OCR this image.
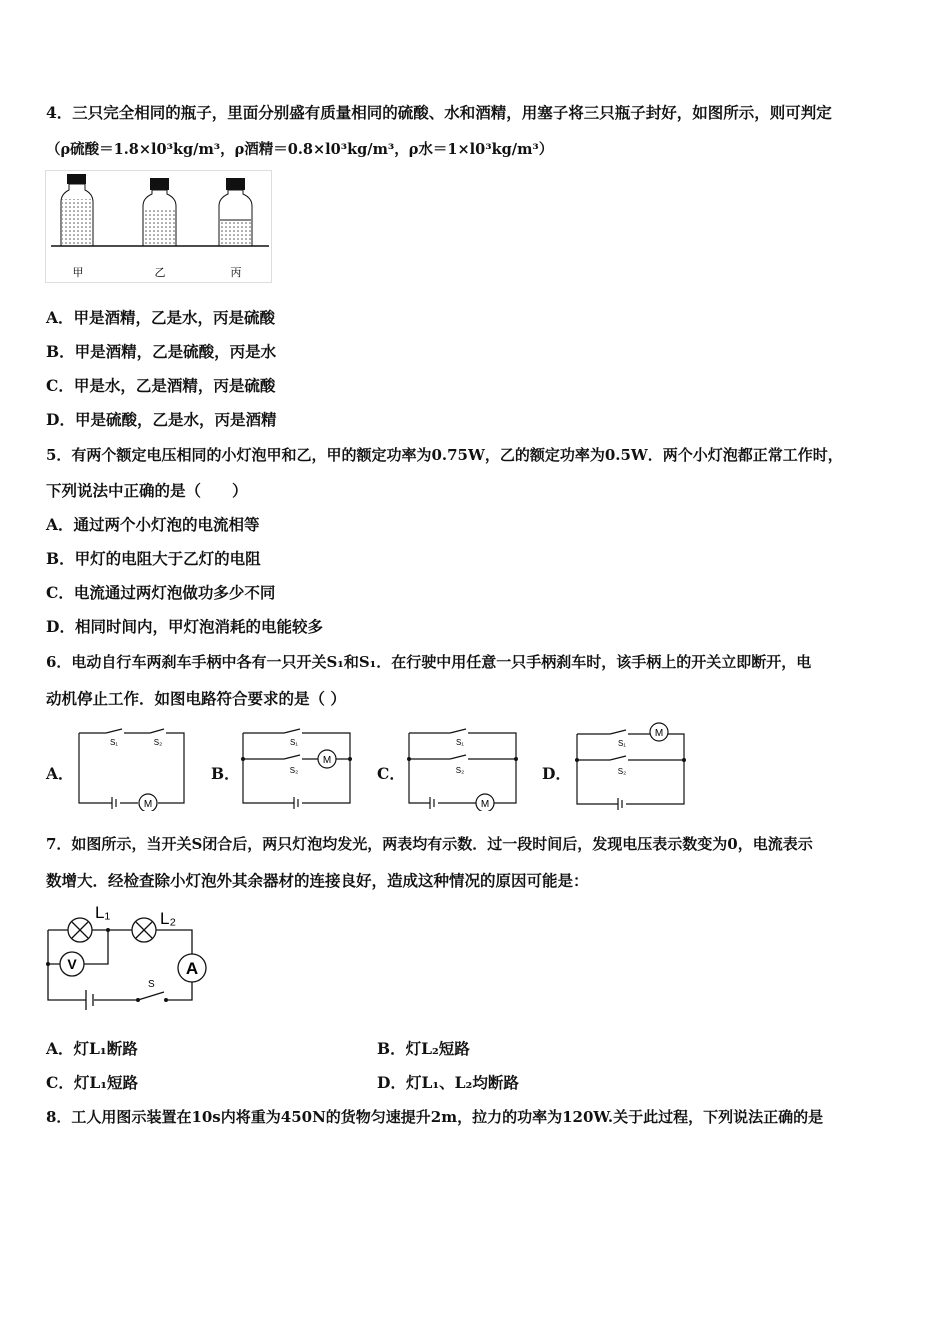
4．三只完全相同的瓶子，里面分别盛有质量相同的硫酸、水和酒精，用塞子将三只瓶子封好，如图所示，则可判定
（ρ硫酸＝1.8×l0³kg/m³，ρ酒精＝0.8×l0³kg/m³，ρ水＝1×l0³kg/m³）
甲	乙	丙
A．甲是酒精，乙是水，丙是硫酸
B．甲是酒精，乙是硫酸，丙是水
C．甲是水，乙是酒精，丙是硫酸
D．甲是硫酸，乙是水，丙是酒精
5．有两个额定电压相同的小灯泡甲和乙，甲的额定功率为0.75W，乙的额定功率为0.5W．两个小灯泡都正常工作时，
下列说法中正确的是（　　）
A．通过两个小灯泡的电流相等
B．甲灯的电阻大于乙灯的电阻
C．电流通过两灯泡做功多少不同
D．相同时间内，甲灯泡消耗的电能较多
6．电动自行车两刹车手柄中各有一只开关S₁和S₁．在行驶中用任意一只手柄刹车时，该手柄上的开关立即断开，电
动机停止工作．如图电路符合要求的是（ ）
A．	B．	C．	D．
M
S₁	S₂
M
S₁
S₂
M
S₁
S₂
M
S₁
S₂
7．如图所示，当开关S闭合后，两只灯泡均发光，两表均有示数．过一段时间后，发现电压表示数变为0，电流表示
数增大．经检查除小灯泡外其余器材的连接良好，造成这种情况的原因可能是：
L₁	L₂
V	A
S
A．灯L₁断路	B．灯L₂短路
C．灯L₁短路	D．灯L₁、L₂均断路
8．工人用图示装置在10s内将重为450N的货物匀速提升2m，拉力的功率为120W.关于此过程，下列说法正确的是
